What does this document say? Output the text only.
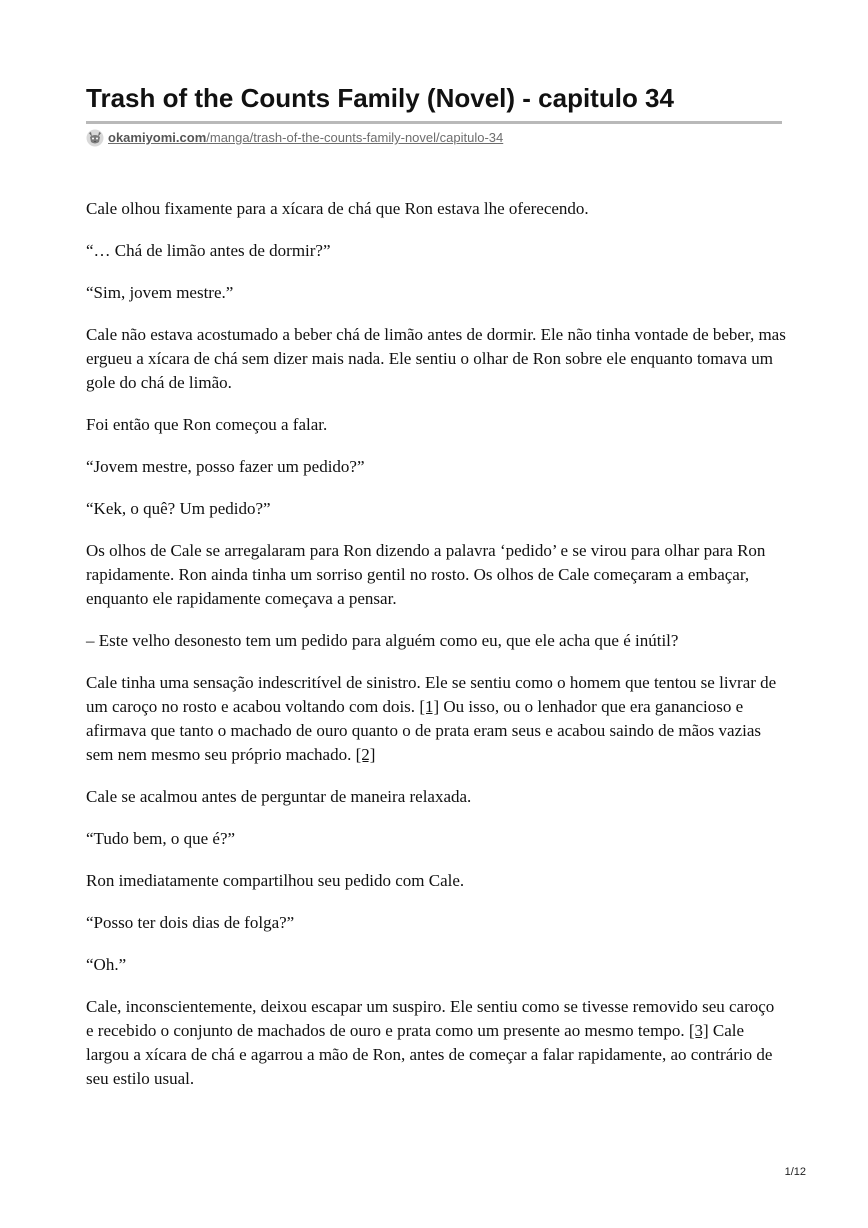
Trash of the Counts Family (Novel) - capitulo 34
okamiyomi.com/manga/trash-of-the-counts-family-novel/capitulo-34

Cale olhou fixamente para a xícara de chá que Ron estava lhe oferecendo.

“… Chá de limão antes de dormir?”

“Sim, jovem mestre.”

Cale não estava acostumado a beber chá de limão antes de dormir. Ele não tinha vontade de beber, mas ergueu a xícara de chá sem dizer mais nada. Ele sentiu o olhar de Ron sobre ele enquanto tomava um gole do chá de limão.

Foi então que Ron começou a falar.

“Jovem mestre, posso fazer um pedido?”

“Kek, o quê? Um pedido?”

Os olhos de Cale se arregalaram para Ron dizendo a palavra ‘pedido’ e se virou para olhar para Ron rapidamente. Ron ainda tinha um sorriso gentil no rosto. Os olhos de Cale começaram a embaçar, enquanto ele rapidamente começava a pensar.

– Este velho desonesto tem um pedido para alguém como eu, que ele acha que é inútil?

Cale tinha uma sensação indescritível de sinistro. Ele se sentiu como o homem que tentou se livrar de um caroço no rosto e acabou voltando com dois. [1] Ou isso, ou o lenhador que era ganancioso e afirmava que tanto o machado de ouro quanto o de prata eram seus e acabou saindo de mãos vazias sem nem mesmo seu próprio machado. [2]

Cale se acalmou antes de perguntar de maneira relaxada.

“Tudo bem, o que é?”

Ron imediatamente compartilhou seu pedido com Cale.

“Posso ter dois dias de folga?”

“Oh.”

Cale, inconscientemente, deixou escapar um suspiro. Ele sentiu como se tivesse removido seu caroço e recebido o conjunto de machados de ouro e prata como um presente ao mesmo tempo. [3] Cale largou a xícara de chá e agarrou a mão de Ron, antes de começar a falar rapidamente, ao contrário de seu estilo usual.

1/12
